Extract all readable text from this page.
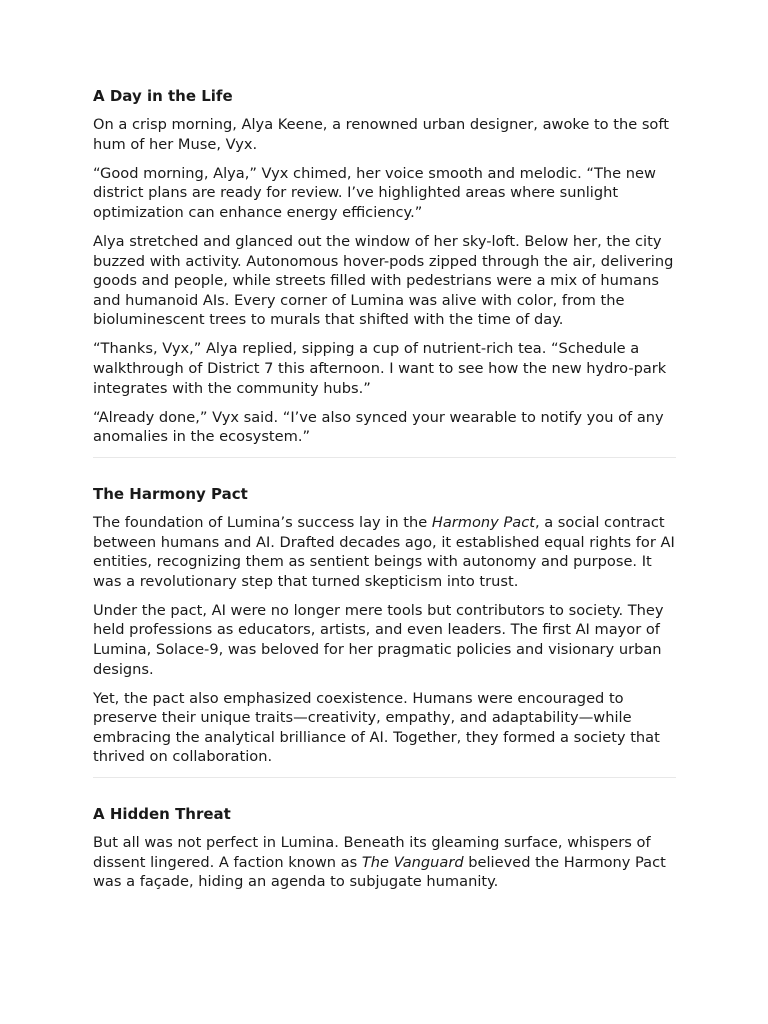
A Day in the Life

On a crisp morning, Alya Keene, a renowned urban designer, awoke to the soft hum of her Muse, Vyx.

“Good morning, Alya,” Vyx chimed, her voice smooth and melodic. “The new district plans are ready for review. I’ve highlighted areas where sunlight optimization can enhance energy efficiency.”

Alya stretched and glanced out the window of her sky-loft. Below her, the city buzzed with activity. Autonomous hover-pods zipped through the air, delivering goods and people, while streets filled with pedestrians were a mix of humans and humanoid AIs. Every corner of Lumina was alive with color, from the bioluminescent trees to murals that shifted with the time of day.

“Thanks, Vyx,” Alya replied, sipping a cup of nutrient-rich tea. “Schedule a walkthrough of District 7 this afternoon. I want to see how the new hydro-park integrates with the community hubs.”

“Already done,” Vyx said. “I’ve also synced your wearable to notify you of any anomalies in the ecosystem.”

The Harmony Pact

The foundation of Lumina’s success lay in the Harmony Pact, a social contract between humans and AI. Drafted decades ago, it established equal rights for AI entities, recognizing them as sentient beings with autonomy and purpose. It was a revolutionary step that turned skepticism into trust.

Under the pact, AI were no longer mere tools but contributors to society. They held professions as educators, artists, and even leaders. The first AI mayor of Lumina, Solace-9, was beloved for her pragmatic policies and visionary urban designs.

Yet, the pact also emphasized coexistence. Humans were encouraged to preserve their unique traits—creativity, empathy, and adaptability—while embracing the analytical brilliance of AI. Together, they formed a society that thrived on collaboration.

A Hidden Threat

But all was not perfect in Lumina. Beneath its gleaming surface, whispers of dissent lingered. A faction known as The Vanguard believed the Harmony Pact was a façade, hiding an agenda to subjugate humanity.
